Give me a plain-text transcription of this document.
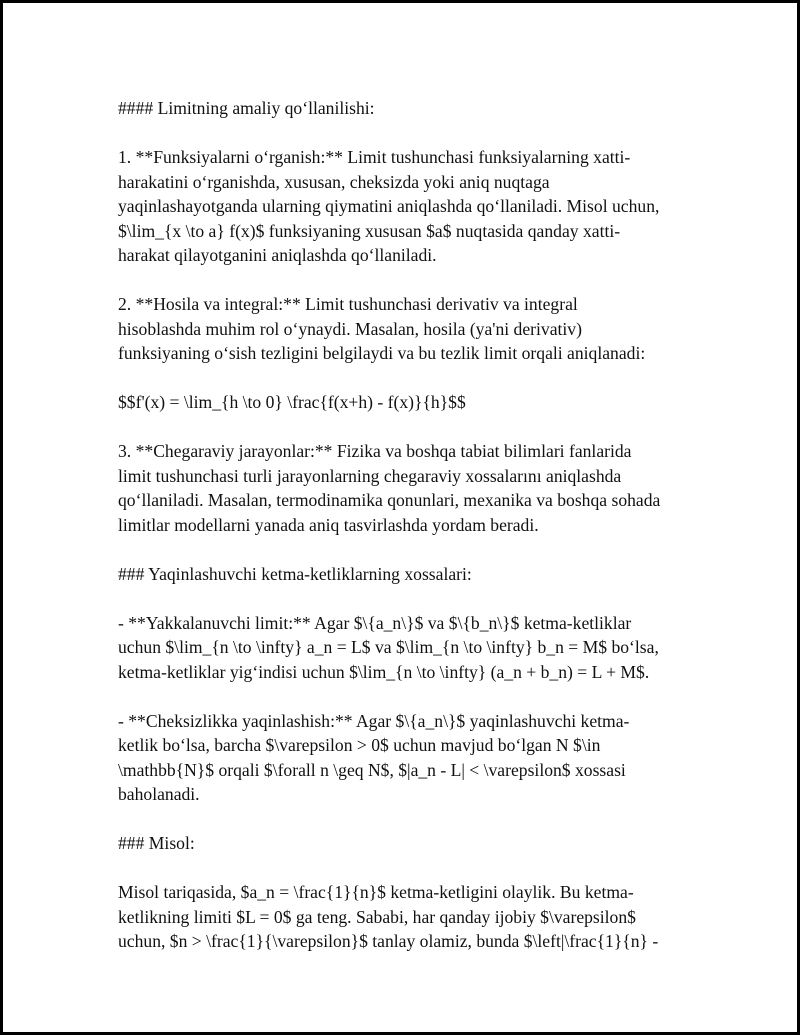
#### Limitning amaliy qo‘llanilishi:

1. **Funksiyalarni o‘rganish:** Limit tushunchasi funksiyalarning xatti-
harakatini o‘rganishda, xususan, cheksizda yoki aniq nuqtaga
yaqinlashayotganda ularning qiymatini aniqlashda qo‘llaniladi. Misol uchun,
$\lim_{x \to a} f(x)$ funksiyaning xususan $a$ nuqtasida qanday xatti-
harakat qilayotganini aniqlashda qo‘llaniladi.

2. **Hosila va integral:** Limit tushunchasi derivativ va integral
hisoblashda muhim rol o‘ynaydi. Masalan, hosila (ya'ni derivativ)
funksiyaning o‘sish tezligini belgilaydi va bu tezlik limit orqali aniqlanadi:

$$f'(x) = \lim_{h \to 0} \frac{f(x+h) - f(x)}{h}$$

3. **Chegaraviy jarayonlar:** Fizika va boshqa tabiat bilimlari fanlarida
limit tushunchasi turli jarayonlarning chegaraviy xossalarını aniqlashda
qo‘llaniladi. Masalan, termodinamika qonunlari, mexanika va boshqa sohada
limitlar modellarni yanada aniq tasvirlashda yordam beradi.

### Yaqinlashuvchi ketma-ketliklarning xossalari:

- **Yakkalanuvchi limit:** Agar $\{a_n\}$ va $\{b_n\}$ ketma-ketliklar
uchun $\lim_{n \to \infty} a_n = L$ va $\lim_{n \to \infty} b_n = M$ bo‘lsa,
ketma-ketliklar yig‘indisi uchun $\lim_{n \to \infty} (a_n + b_n) = L + M$.

- **Cheksizlikka yaqinlashish:** Agar $\{a_n\}$ yaqinlashuvchi ketma-
ketlik bo‘lsa, barcha $\varepsilon > 0$ uchun mavjud bo‘lgan N $\in
\mathbb{N}$ orqali $\forall n \geq N$, $|a_n - L| < \varepsilon$ xossasi
baholanadi.

### Misol:

Misol tariqasida, $a_n = \frac{1}{n}$ ketma-ketligini olaylik. Bu ketma-
ketlikning limiti $L = 0$ ga teng. Sababi, har qanday ijobiy $\varepsilon$
uchun, $n > \frac{1}{\varepsilon}$ tanlay olamiz, bunda $\left|\frac{1}{n} -
